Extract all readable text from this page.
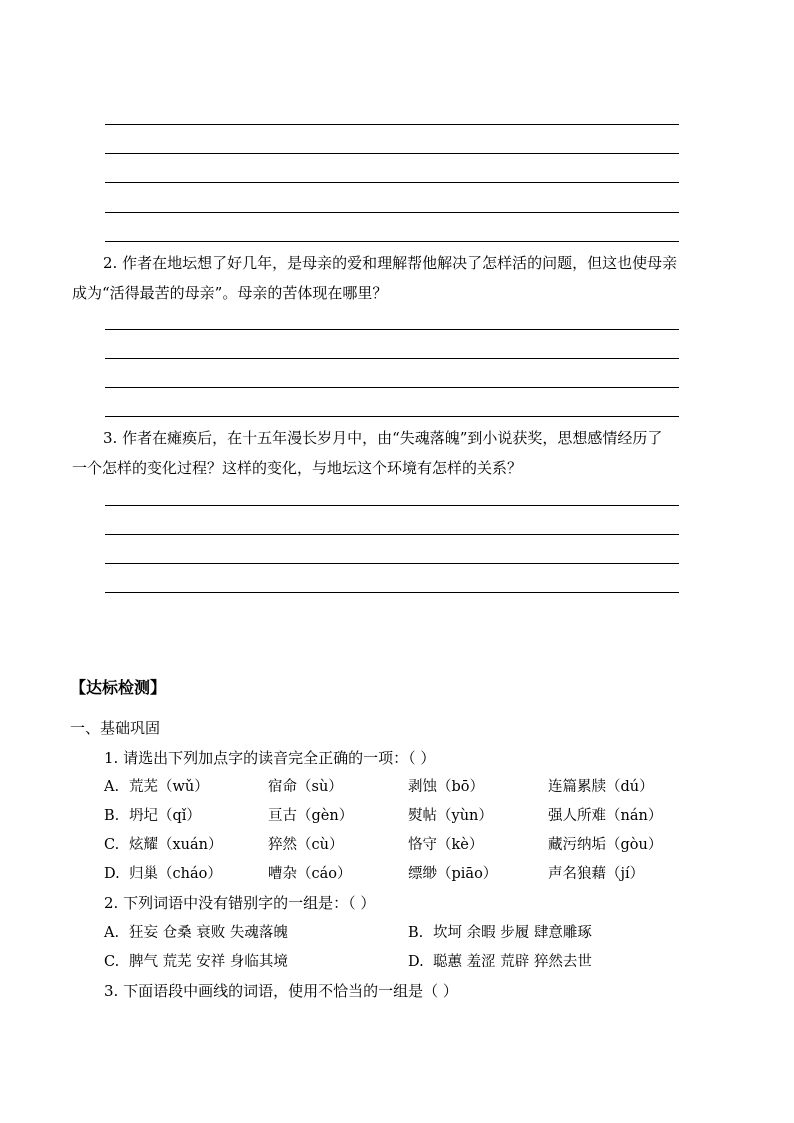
2. 作者在地坛想了好几年，是母亲的爱和理解帮他解决了怎样活的问题，但这也使母亲
成为“活得最苦的母亲”。母亲的苦体现在哪里？
3. 作者在瘫痪后，在十五年漫长岁月中，由“失魂落魄”到小说获奖，思想感情经历了
一个怎样的变化过程？这样的变化，与地坛这个环境有怎样的关系？
【达标检测】
一、基础巩固
1. 请选出下列加点字的读音完全正确的一项：（ ）
A. 荒芜（wǔ）	宿命（sù）	剥蚀（bō）	连篇累牍（dú）
B. 坍圮（qǐ）	亘古（gèn）	熨帖（yùn）	强人所难（nán）
C. 炫耀（xuán）	猝然（cù）	恪守（kè）	藏污纳垢（gòu）
D. 归巢（cháo）	嘈杂（cáo）	缥缈（piāo）	声名狼藉（jí）
2. 下列词语中没有错别字的一组是：（ ）
A. 狂妄 仓桑 衰败 失魂落魄	B. 坎坷 余暇 步履 肆意雕琢
C. 脾气 荒芜 安祥 身临其境	D. 聪蕙 羞涩 荒辟 猝然去世
3. 下面语段中画线的词语，使用不恰当的一组是（ ）
